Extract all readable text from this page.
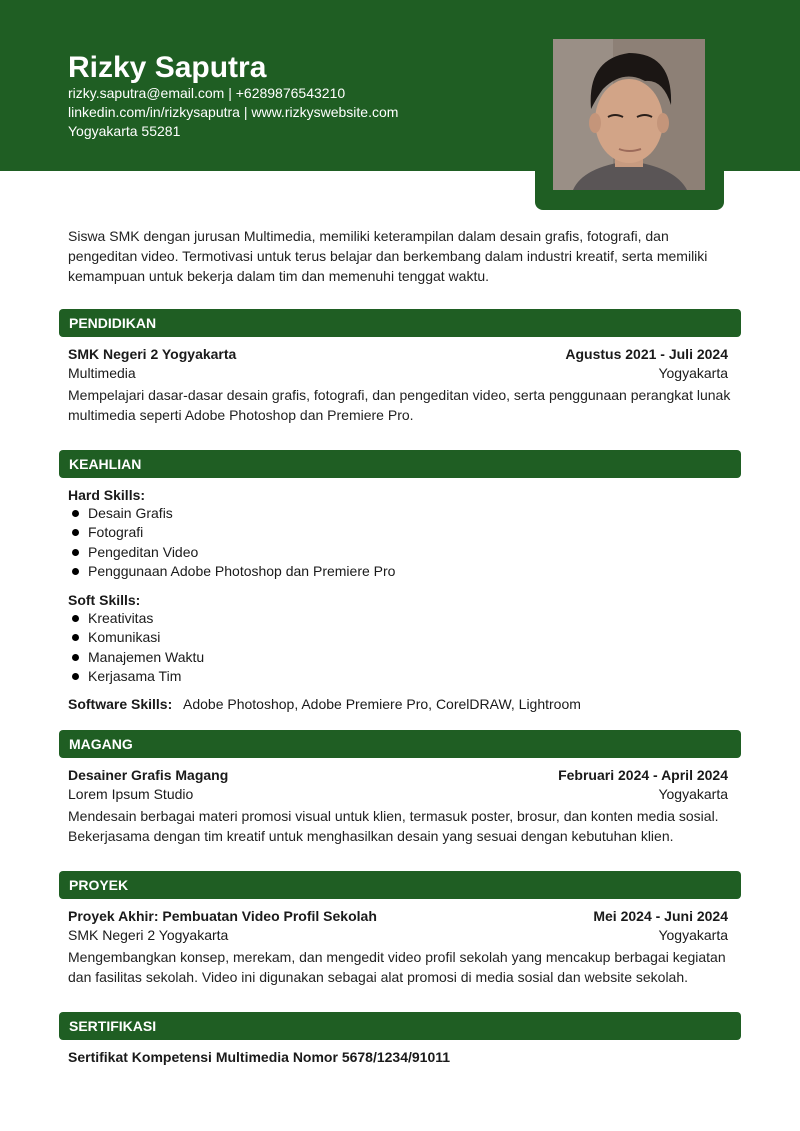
Rizky Saputra
rizky.saputra@email.com | +6289876543210
linkedin.com/in/rizkysaputra | www.rizkyswebsite.com
Yogyakarta 55281
Siswa SMK dengan jurusan Multimedia, memiliki keterampilan dalam desain grafis, fotografi, dan pengeditan video. Termotivasi untuk terus belajar dan berkembang dalam industri kreatif, serta memiliki kemampuan untuk bekerja dalam tim dan memenuhi tenggat waktu.
PENDIDIKAN
SMK Negeri 2 Yogyakarta	Agustus 2021 - Juli 2024
Multimedia	Yogyakarta
Mempelajari dasar-dasar desain grafis, fotografi, dan pengeditan video, serta penggunaan perangkat lunak multimedia seperti Adobe Photoshop dan Premiere Pro.
KEAHLIAN
Hard Skills:
Desain Grafis
Fotografi
Pengeditan Video
Penggunaan Adobe Photoshop dan Premiere Pro
Soft Skills:
Kreativitas
Komunikasi
Manajemen Waktu
Kerjasama Tim
Software Skills: Adobe Photoshop, Adobe Premiere Pro, CorelDRAW, Lightroom
MAGANG
Desainer Grafis Magang	Februari 2024 - April 2024
Lorem Ipsum Studio	Yogyakarta
Mendesain berbagai materi promosi visual untuk klien, termasuk poster, brosur, dan konten media sosial. Bekerjasama dengan tim kreatif untuk menghasilkan desain yang sesuai dengan kebutuhan klien.
PROYEK
Proyek Akhir: Pembuatan Video Profil Sekolah	Mei 2024 - Juni 2024
SMK Negeri 2 Yogyakarta	Yogyakarta
Mengembangkan konsep, merekam, dan mengedit video profil sekolah yang mencakup berbagai kegiatan dan fasilitas sekolah. Video ini digunakan sebagai alat promosi di media sosial dan website sekolah.
SERTIFIKASI
Sertifikat Kompetensi Multimedia Nomor 5678/1234/91011
